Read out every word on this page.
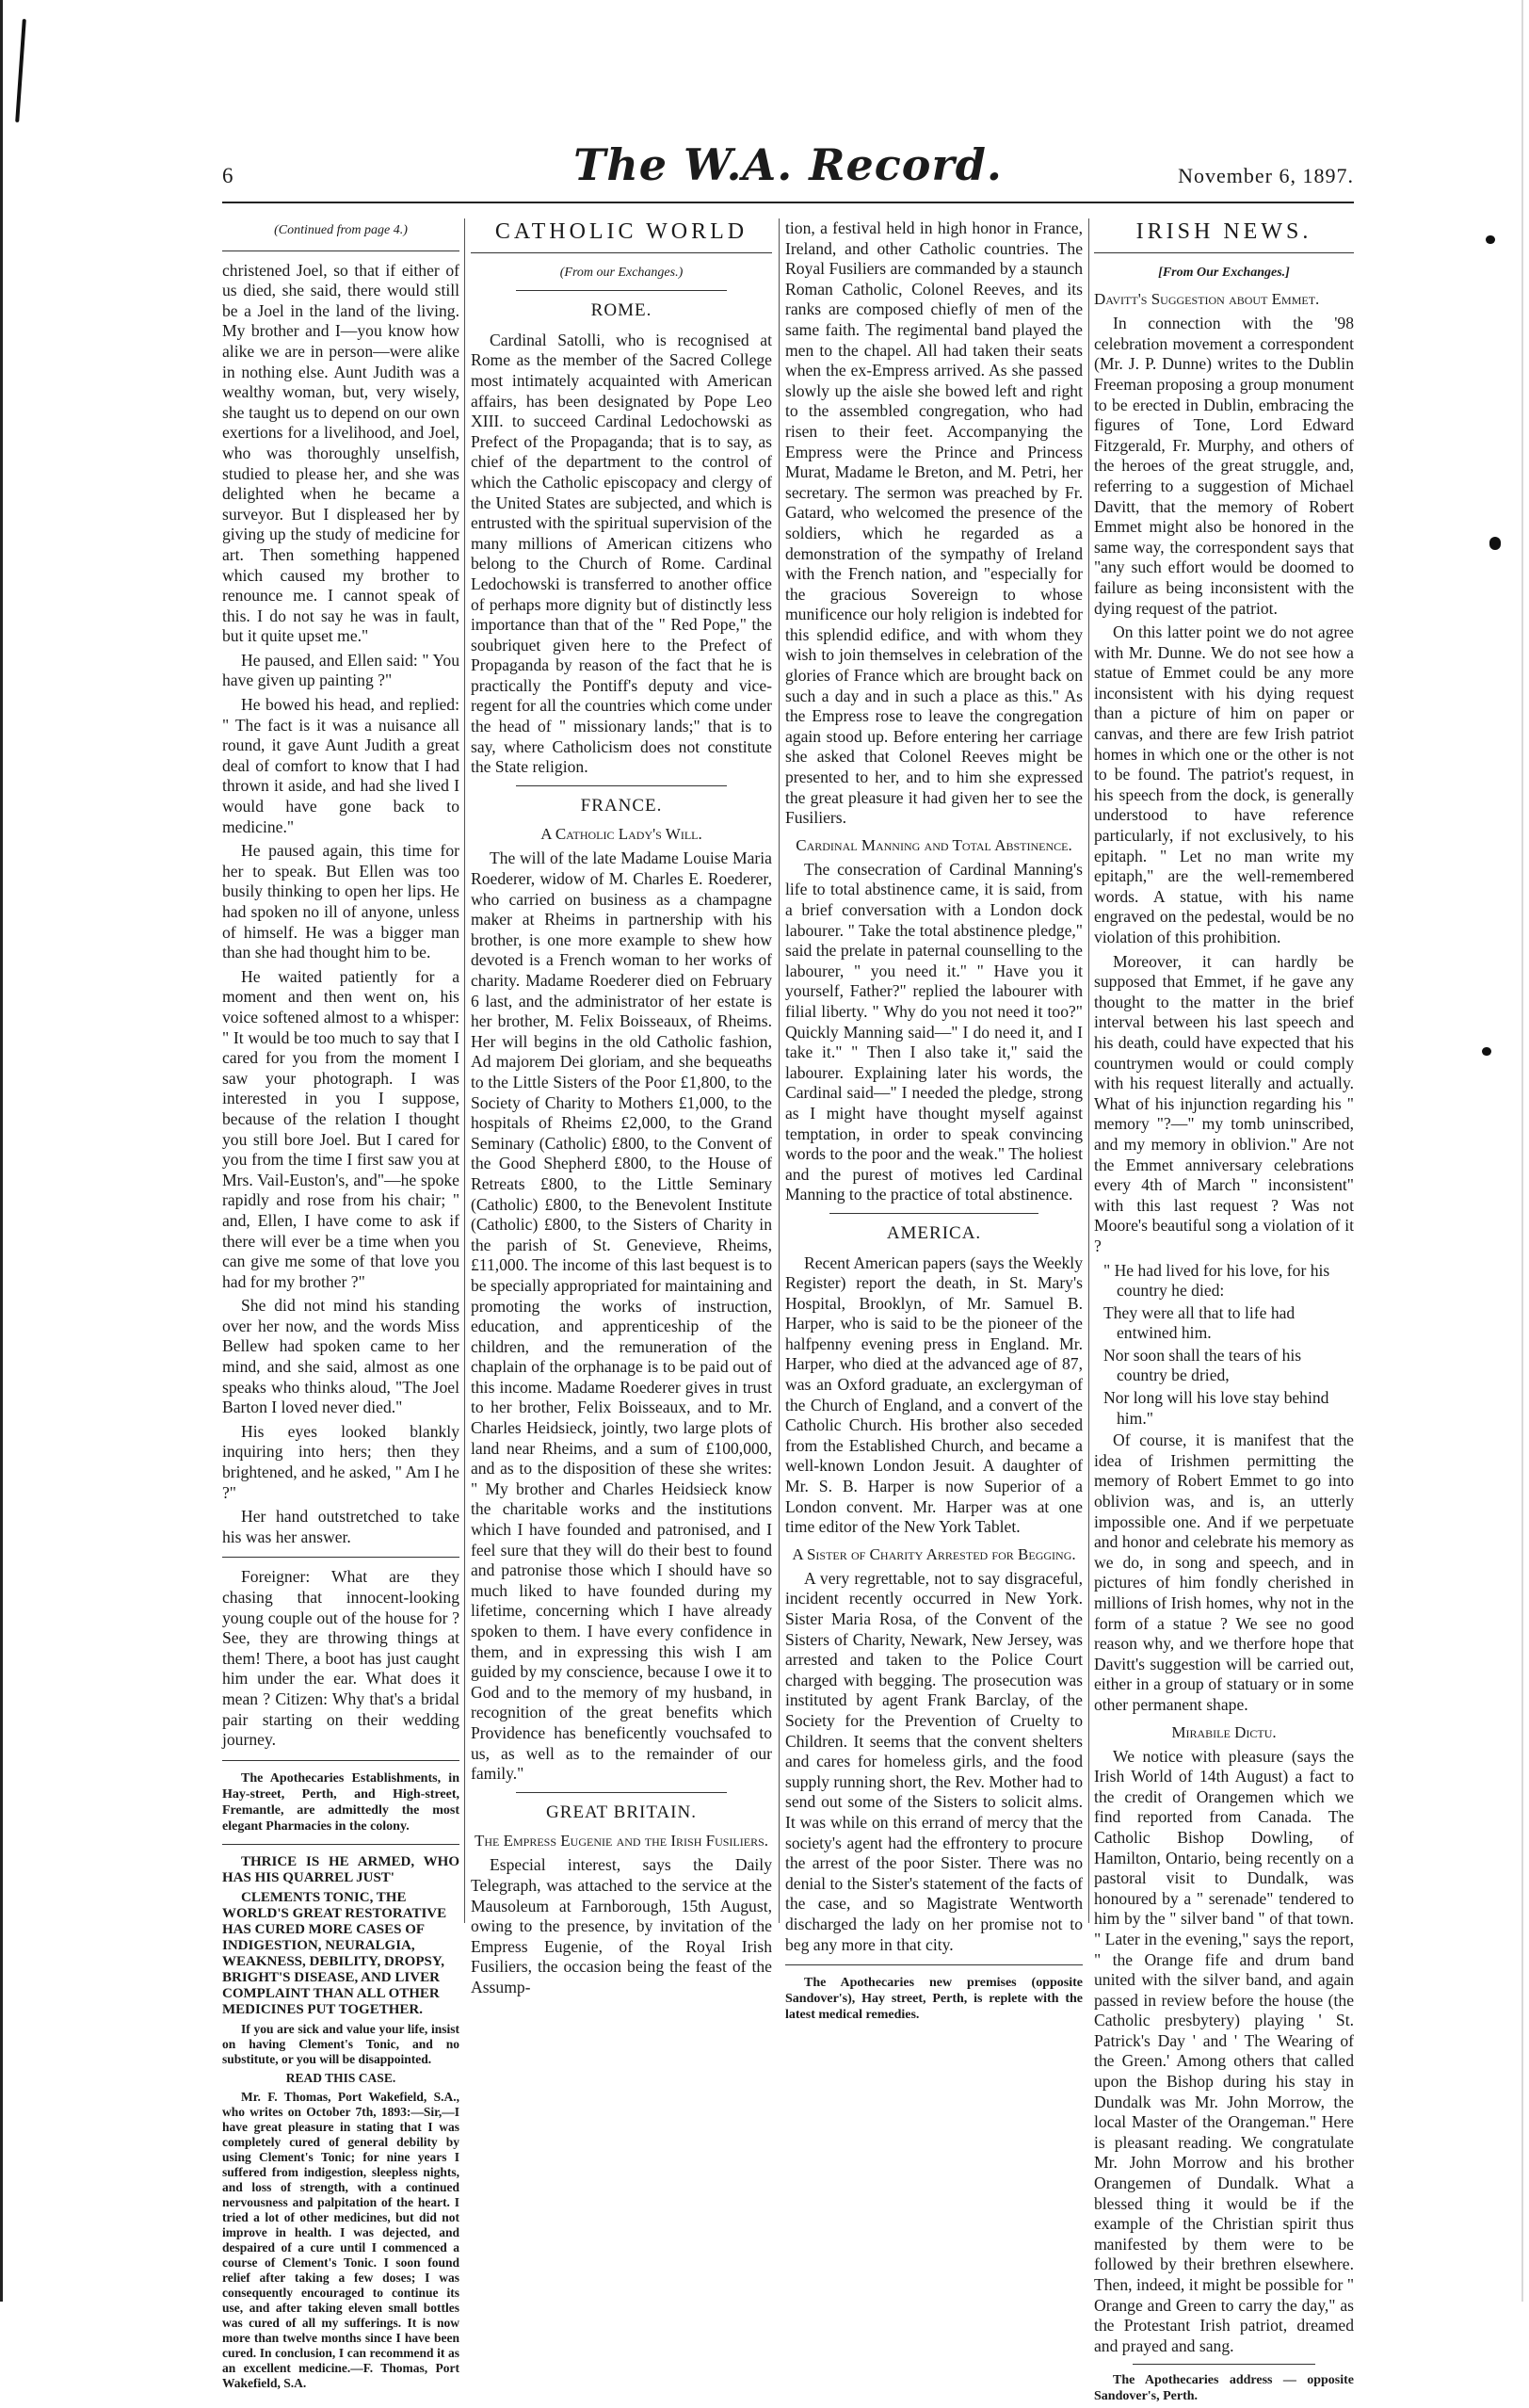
6	The W.A. Record.	November 6, 1897.
(Continued from page 4.)

christened Joel, so that if either of us died, she said, there would still be a Joel in the land of the living. My brother and I—you know how alike we are in person—were alike in nothing else. Aunt Judith was a wealthy woman, but, very wisely, she taught us to depend on our own exertions for a livelihood, and Joel, who was thoroughly unselfish, studied to please her, and she was delighted when he became a surveyor. But I displeased her by giving up the study of medicine for art. Then something happened which caused my brother to renounce me. I cannot speak of this. I do not say he was in fault, but it quite upset me."

He paused, and Ellen said: " You have given up painting ?"

He bowed his head, and replied: " The fact is it was a nuisance all round, it gave Aunt Judith a great deal of comfort to know that I had thrown it aside, and had she lived I would have gone back to medicine."

He paused again, this time for her to speak. But Ellen was too busily thinking to open her lips. He had spoken no ill of anyone, unless of himself. He was a bigger man than she had thought him to be.

He waited patiently for a moment and then went on, his voice softened almost to a whisper: " It would be too much to say that I cared for you from the moment I saw your photograph. I was interested in you I suppose, because of the relation I thought you still bore Joel. But I cared for you from the time I first saw you at Mrs. Vail-Euston's, and"—he spoke rapidly and rose from his chair; " and, Ellen, I have come to ask if there will ever be a time when you can give me some of that love you had for my brother ?"

She did not mind his standing over her now, and the words Miss Bellew had spoken came to her mind, and she said, almost as one speaks who thinks aloud, "The Joel Barton I loved never died."

His eyes looked blankly inquiring into hers; then they brightened, and he asked, " Am I he ?"

Her hand outstretched to take his was her answer.

Foreigner: What are they chasing that innocent-looking young couple out of the house for ? See, they are throwing things at them! There, a boot has just caught him under the ear. What does it mean ? Citizen: Why that's a bridal pair starting on their wedding journey.

The Apothecaries Establishments, in Hay-street, Perth, and High-street, Fremantle, are admittedly the most elegant Pharmacies in the colony.

THRICE IS HE ARMED, WHO HAS HIS QUARREL JUST'

CLEMENTS TONIC, THE WORLD'S GREAT RESTORATIVE HAS CURED MORE CASES OF INDIGESTION, NEURALGIA, WEAKNESS, DEBILITY, DROPSY, BRIGHT'S DISEASE, AND LIVER COMPLAINT THAN ALL OTHER MEDICINES PUT TOGETHER.

If you are sick and value your life, insist on having Clement's Tonic, and no substitute, or you will be disappointed.

READ THIS CASE.

Mr. F. Thomas, Port Wakefield, S.A., who writes on October 7th, 1893:—Sir,—I have great pleasure in stating that I was completely cured of general debility by using Clement's Tonic; for nine years I suffered from indigestion, sleepless nights, and loss of strength, with a continued nervousness and palpitation of the heart. I tried a lot of other medicines, but did not improve in health. I was dejected, and despaired of a cure until I commenced a course of Clement's Tonic. I soon found relief after taking a few doses; I was consequently encouraged to continue its use, and after taking eleven small bottles was cured of all my sufferings. It is now more than twelve months since I have been cured. In conclusion, I can recommend it as an excellent medicine.—F. Thomas, Port Wakefield, S.A.

CATHOLIC WORLD
(From our Exchanges.)
ROME.

Cardinal Satolli, who is recognised at Rome as the member of the Sacred College most intimately acquainted with American affairs, has been designated by Pope Leo XIII. to succeed Cardinal Ledochowski as Prefect of the Propaganda; that is to say, as chief of the department to the control of which the Catholic episcopacy and clergy of the United States are subjected, and which is entrusted with the spiritual supervision of the many millions of American citizens who belong to the Church of Rome. Cardinal Ledochowski is transferred to another office of perhaps more dignity but of distinctly less importance than that of the " Red Pope," the soubriquet given here to the Prefect of Propaganda by reason of the fact that he is practically the Pontiff's deputy and vice-regent for all the countries which come under the head of " missionary lands;" that is to say, where Catholicism does not constitute the State religion.

FRANCE.
A Catholic Lady's Will.

The will of the late Madame Louise Maria Roederer, widow of M. Charles E. Roederer, who carried on business as a champagne maker at Rheims in partnership with his brother, is one more example to shew how devoted is a French woman to her works of charity. Madame Roederer died on February 6 last, and the administrator of her estate is her brother, M. Felix Boisseaux, of Rheims. Her will begins in the old Catholic fashion, Ad majorem Dei gloriam, and she bequeaths to the Little Sisters of the Poor £1,800, to the Society of Charity to Mothers £1,000, to the hospitals of Rheims £2,000, to the Grand Seminary (Catholic) £800, to the Convent of the Good Shepherd £800, to the House of Retreats £800, to the Little Seminary (Catholic) £800, to the Benevolent Institute (Catholic) £800, to the Sisters of Charity in the parish of St. Genevieve, Rheims, £11,000. The income of this last bequest is to be specially appropriated for maintaining and promoting the works of instruction, education, and apprenticeship of the children, and the remuneration of the chaplain of the orphanage is to be paid out of this income. Madame Roederer gives in trust to her brother, Felix Boisseaux, and to Mr. Charles Heidsieck, jointly, two large plots of land near Rheims, and a sum of £100,000, and as to the disposition of these she writes: " My brother and Charles Heidsieck know the charitable works and the institutions which I have founded and patronised, and I feel sure that they will do their best to found and patronise those which I should have so much liked to have founded during my lifetime, concerning which I have already spoken to them. I have every confidence in them, and in expressing this wish I am guided by my conscience, because I owe it to God and to the memory of my husband, in recognition of the great benefits which Providence has beneficently vouchsafed to us, as well as to the remainder of our family."

GREAT BRITAIN.
The Empress Eugenie and the Irish Fusiliers.

Especial interest, says the Daily Telegraph, was attached to the service at the Mausoleum at Farnborough, 15th August, owing to the presence, by invitation of the Empress Eugenie, of the Royal Irish Fusiliers, the occasion being the feast of the Assump-

tion, a festival held in high honor in France, Ireland, and other Catholic countries. The Royal Fusiliers are commanded by a staunch Roman Catholic, Colonel Reeves, and its ranks are composed chiefly of men of the same faith. The regimental band played the men to the chapel. All had taken their seats when the ex-Empress arrived. As she passed slowly up the aisle she bowed left and right to the assembled congregation, who had risen to their feet. Accompanying the Empress were the Prince and Princess Murat, Madame le Breton, and M. Petri, her secretary. The sermon was preached by Fr. Gatard, who welcomed the presence of the soldiers, which he regarded as a demonstration of the sympathy of Ireland with the French nation, and "especially for the gracious Sovereign to whose munificence our holy religion is indebted for this splendid edifice, and with whom they wish to join themselves in celebration of the glories of France which are brought back on such a day and in such a place as this." As the Empress rose to leave the congregation again stood up. Before entering her carriage she asked that Colonel Reeves might be presented to her, and to him she expressed the great pleasure it had given her to see the Fusiliers.

Cardinal Manning and Total Abstinence.

The consecration of Cardinal Manning's life to total abstinence came, it is said, from a brief conversation with a London dock labourer. " Take the total abstinence pledge," said the prelate in paternal counselling to the labourer, " you need it." " Have you it yourself, Father?" replied the labourer with filial liberty. " Why do you not need it too?" Quickly Manning said—" I do need it, and I take it." " Then I also take it," said the labourer. Explaining later his words, the Cardinal said—" I needed the pledge, strong as I might have thought myself against temptation, in order to speak convincing words to the poor and the weak." The holiest and the purest of motives led Cardinal Manning to the practice of total abstinence.

AMERICA.

Recent American papers (says the Weekly Register) report the death, in St. Mary's Hospital, Brooklyn, of Mr. Samuel B. Harper, who is said to be the pioneer of the halfpenny evening press in England. Mr. Harper, who died at the advanced age of 87, was an Oxford graduate, an exclergyman of the Church of England, and a convert of the Catholic Church. His brother also seceded from the Established Church, and became a well-known London Jesuit. A daughter of Mr. S. B. Harper is now Superior of a London convent. Mr. Harper was at one time editor of the New York Tablet.

A Sister of Charity Arrested for Begging.

A very regrettable, not to say disgraceful, incident recently occurred in New York. Sister Maria Rosa, of the Convent of the Sisters of Charity, Newark, New Jersey, was arrested and taken to the Police Court charged with begging. The prosecution was instituted by agent Frank Barclay, of the Society for the Prevention of Cruelty to Children. It seems that the convent shelters and cares for homeless girls, and the food supply running short, the Rev. Mother had to send out some of the Sisters to solicit alms. It was while on this errand of mercy that the society's agent had the effrontery to procure the arrest of the poor Sister. There was no denial to the Sister's statement of the facts of the case, and so Magistrate Wentworth discharged the lady on her promise not to beg any more in that city.

The Apothecaries new premises (opposite Sandover's), Hay street, Perth, is replete with the latest medical remedies.

IRISH NEWS.
[From Our Exchanges.]
Davitt's Suggestion about Emmet.

In connection with the '98 celebration movement a correspondent (Mr. J. P. Dunne) writes to the Dublin Freeman proposing a group monument to be erected in Dublin, embracing the figures of Tone, Lord Edward Fitzgerald, Fr. Murphy, and others of the heroes of the great struggle, and, referring to a suggestion of Michael Davitt, that the memory of Robert Emmet might also be honored in the same way, the correspondent says that "any such effort would be doomed to failure as being inconsistent with the dying request of the patriot.

On this latter point we do not agree with Mr. Dunne. We do not see how a statue of Emmet could be any more inconsistent with his dying request than a picture of him on paper or canvas, and there are few Irish patriot homes in which one or the other is not to be found. The patriot's request, in his speech from the dock, is generally understood to have reference particularly, if not exclusively, to his epitaph. " Let no man write my epitaph," are the well-remembered words. A statue, with his name engraved on the pedestal, would be no violation of this prohibition.

Moreover, it can hardly be supposed that Emmet, if he gave any thought to the matter in the brief interval between his last speech and his death, could have expected that his countrymen would or could comply with his request literally and actually. What of his injunction regarding his " memory "?—" my tomb uninscribed, and my memory in oblivion." Are not the Emmet anniversary celebrations every 4th of March " inconsistent" with this last request ? Was not Moore's beautiful song a violation of it ?

" He had lived for his love, for his country he died:
They were all that to life had entwined him.
Nor soon shall the tears of his country be dried,
Nor long will his love stay behind him."

Of course, it is manifest that the idea of Irishmen permitting the memory of Robert Emmet to go into oblivion was, and is, an utterly impossible one. And if we perpetuate and honor and celebrate his memory as we do, in song and speech, and in pictures of him fondly cherished in millions of Irish homes, why not in the form of a statue ? We see no good reason why, and we therfore hope that Davitt's suggestion will be carried out, either in a group of statuary or in some other permanent shape.

Mirabile Dictu.

We notice with pleasure (says the Irish World of 14th August) a fact to the credit of Orangemen which we find reported from Canada. The Catholic Bishop Dowling, of Hamilton, Ontario, being recently on a pastoral visit to Dundalk, was honoured by a " serenade" tendered to him by the " silver band " of that town. " Later in the evening," says the report, " the Orange fife and drum band united with the silver band, and again passed in review before the house (the Catholic presbytery) playing ' St. Patrick's Day ' and ' The Wearing of the Green.' Among others that called upon the Bishop during his stay in Dundalk was Mr. John Morrow, the local Master of the Orangeman." Here is pleasant reading. We congratulate Mr. John Morrow and his brother Orangemen of Dundalk. What a blessed thing it would be if the example of the Christian spirit thus manifested by them were to be followed by their brethren elsewhere. Then, indeed, it might be possible for " Orange and Green to carry the day," as the Protestant Irish patriot, dreamed and prayed and sang.

The Apothecaries address — opposite Sandover's, Perth.
